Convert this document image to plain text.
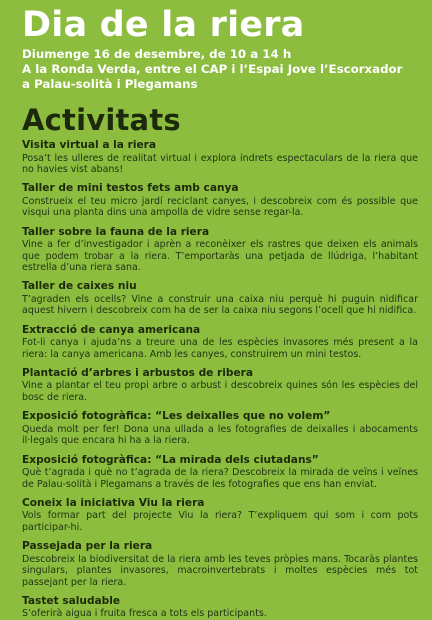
Dia de la riera
Diumenge 16 de desembre, de 10 a 14 h
A la Ronda Verda, entre el CAP i l’Espai Jove l’Escorxador
a Palau-solità i Plegamans
Activitats
Visita virtual a la riera
Posa’t les ulleres de realitat virtual i explora indrets espectaculars de la riera que no havies vist abans!
Taller de mini testos fets amb canya
Construeix el teu micro jardí reciclant canyes, i descobreix com és possible que visqui una planta dins una ampolla de vidre sense regar-la.
Taller sobre la fauna de la riera
Vine a fer d’investigador i aprèn a reconèixer els rastres que deixen els animals que podem trobar a la riera. T’emportaràs una petjada de llúdriga, l’habitant estrella d’una riera sana.
Taller de caixes niu
T’agraden els ocells? Vine a construir una caixa niu perquè hi puguin nidificar aquest hivern i descobreix com ha de ser la caixa niu segons l’ocell que hi nidifica.
Extracció de canya americana
Fot-li canya i ajuda’ns a treure una de les espècies invasores més present a la riera: la canya americana. Amb les canyes, construirem un mini testos.
Plantació d’arbres i arbustos de ribera
Vine a plantar el teu propi arbre o arbust i descobreix quines són les espècies del bosc de riera.
Exposició fotogràfica: “Les deixalles que no volem”
Queda molt per fer! Dona una ullada a les fotografies de deixalles i abocaments il·legals que encara hi ha a la riera.
Exposició fotogràfica: “La mirada dels ciutadans”
Què t’agrada i què no t’agrada de la riera? Descobreix la mirada de veïns i veïnes de Palau-solità i Plegamans a través de les fotografies que ens han enviat.
Coneix la iniciativa Viu la riera
Vols formar part del projecte Viu la riera? T’expliquem qui som i com pots participar-hi.
Passejada per la riera
Descobreix la biodiversitat de la riera amb les teves pròpies mans. Tocaràs plantes singulars, plantes invasores, macroinvertebrats i moltes espècies més tot passejant per la riera.
Tastet saludable
S’oferirà aigua i fruita fresca a tots els participants.
